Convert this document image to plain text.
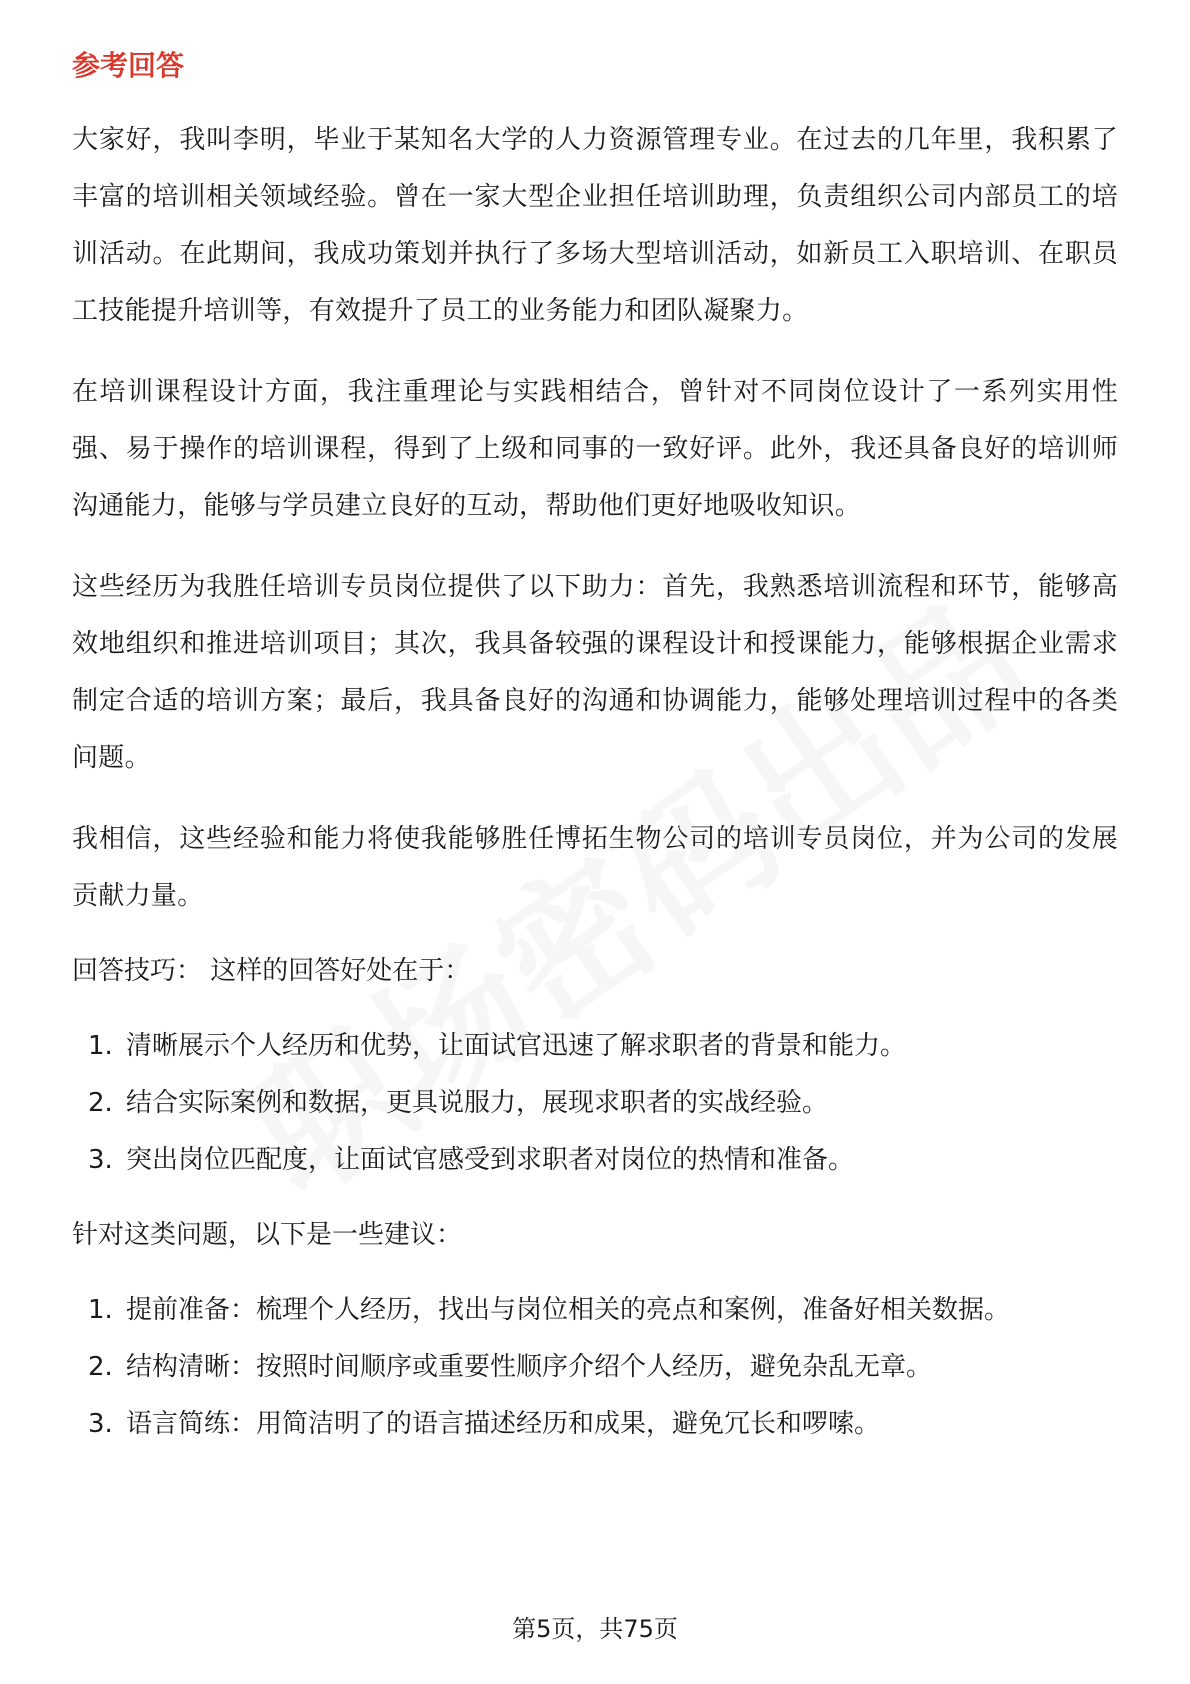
参考回答

大家好，我叫李明，毕业于某知名大学的人力资源管理专业。在过去的几年里，我积累了丰富的培训相关领域经验。曾在一家大型企业担任培训助理，负责组织公司内部员工的培训活动。在此期间，我成功策划并执行了多场大型培训活动，如新员工入职培训、在职员工技能提升培训等，有效提升了员工的业务能力和团队凝聚力。

在培训课程设计方面，我注重理论与实践相结合，曾针对不同岗位设计了一系列实用性强、易于操作的培训课程，得到了上级和同事的一致好评。此外，我还具备良好的培训师沟通能力，能够与学员建立良好的互动，帮助他们更好地吸收知识。

这些经历为我胜任培训专员岗位提供了以下助力：首先，我熟悉培训流程和环节，能够高效地组织和推进培训项目；其次，我具备较强的课程设计和授课能力，能够根据企业需求制定合适的培训方案；最后，我具备良好的沟通和协调能力，能够处理培训过程中的各类问题。

我相信，这些经验和能力将使我能够胜任博拓生物公司的培训专员岗位，并为公司的发展贡献力量。

回答技巧： 这样的回答好处在于：
1. 清晰展示个人经历和优势，让面试官迅速了解求职者的背景和能力。
2. 结合实际案例和数据，更具说服力，展现求职者的实战经验。
3. 突出岗位匹配度，让面试官感受到求职者对岗位的热情和准备。
针对这类问题，以下是一些建议：
1. 提前准备：梳理个人经历，找出与岗位相关的亮点和案例，准备好相关数据。
2. 结构清晰：按照时间顺序或重要性顺序介绍个人经历，避免杂乱无章。
3. 语言简练：用简洁明了的语言描述经历和成果，避免冗长和啰嗦。
第5页，共75页
